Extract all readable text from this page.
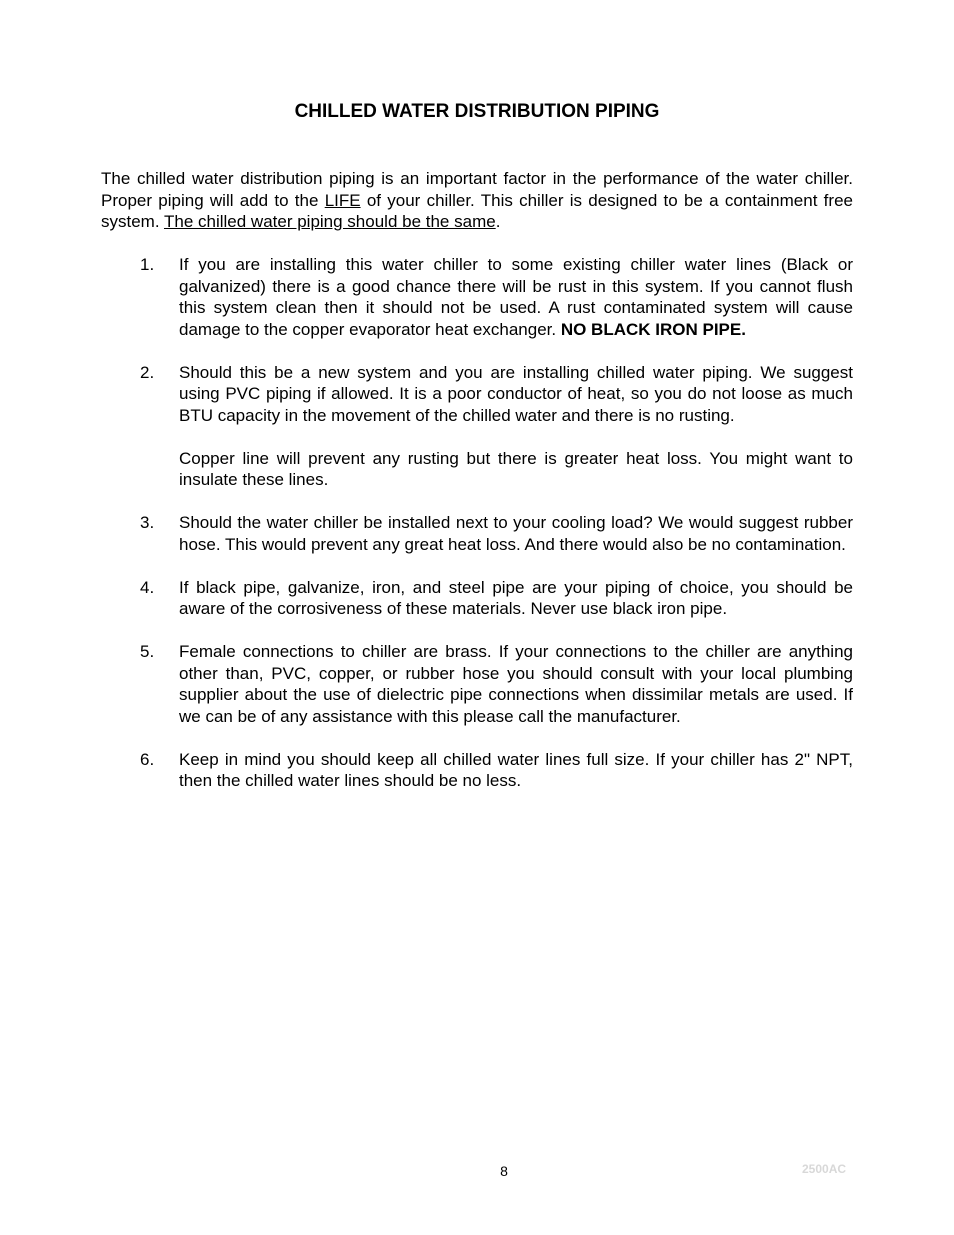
CHILLED WATER DISTRIBUTION PIPING
The chilled water distribution piping is an important factor in the performance of the water chiller. Proper piping will add to the LIFE of your chiller. This chiller is designed to be a containment free system. The chilled water piping should be the same.
1. If you are installing this water chiller to some existing chiller water lines (Black or galvanized) there is a good chance there will be rust in this system. If you cannot flush this system clean then it should not be used. A rust contaminated system will cause damage to the copper evaporator heat exchanger. NO BLACK IRON PIPE.
2. Should this be a new system and you are installing chilled water piping. We suggest using PVC piping if allowed. It is a poor conductor of heat, so you do not loose as much BTU capacity in the movement of the chilled water and there is no rusting.
Copper line will prevent any rusting but there is greater heat loss. You might want to insulate these lines.
3. Should the water chiller be installed next to your cooling load? We would suggest rubber hose. This would prevent any great heat loss. And there would also be no contamination.
4. If black pipe, galvanize, iron, and steel pipe are your piping of choice, you should be aware of the corrosiveness of these materials. Never use black iron pipe.
5. Female connections to chiller are brass. If your connections to the chiller are anything other than, PVC, copper, or rubber hose you should consult with your local plumbing supplier about the use of dielectric pipe connections when dissimilar metals are used. If we can be of any assistance with this please call the manufacturer.
6. Keep in mind you should keep all chilled water lines full size. If your chiller has 2" NPT, then the chilled water lines should be no less.
8	2500AC
